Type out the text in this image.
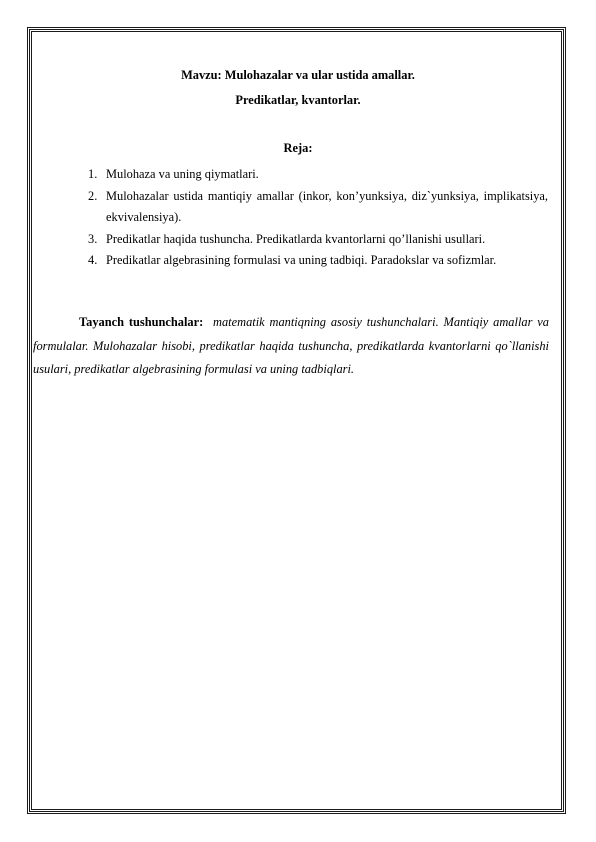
Mavzu: Mulohazalar va ular ustida amallar.
Predikatlar, kvantorlar.
Reja:
1. Mulohaza va uning qiymatlari.
2. Mulohazalar ustida mantiqiy amallar (inkor, kon’yunksiya, diz`yunksiya, implikatsiya, ekvivalensiya).
3. Predikatlar haqida tushuncha. Predikatlarda kvantorlarni qo’llanishi usullari.
4. Predikatlar algebrasining formulasi va uning tadbiqi. Paradokslar va sofizmlar.

Tayanch tushunchalar: matematik mantiqning asosiy tushunchalari. Mantiqiy amallar va formulalar. Mulohazalar hisobi, predikatlar haqida tushuncha, predikatlarda kvantorlarni qo`llanishi usulari, predikatlar algebrasining formulasi va uning tadbiqlari.
